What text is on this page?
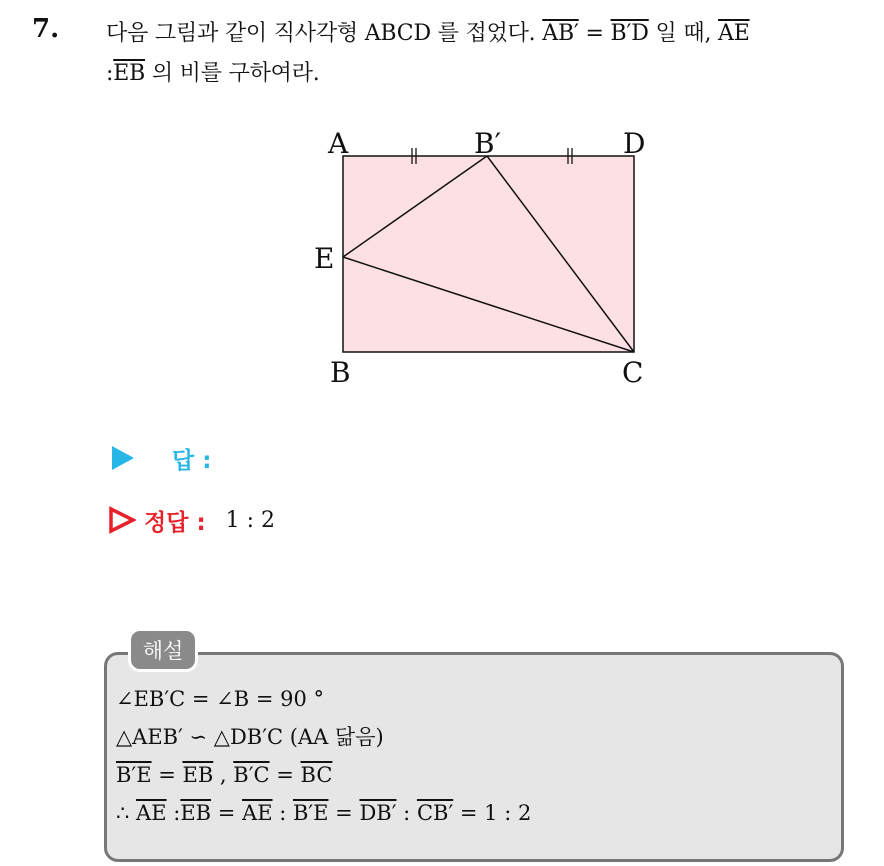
7. 다음 그림과 같이 직사각형 ABCD 를 접었다. AB′ = B′D 일 때, $\overline{AE}$
$:\overline{EB}$ 의 비를 구하여라.
A	B′	D
E
B	C
답 :
정답 : 1 : 2
해설
∠EB′C = ∠B = 90 °
△AEB′ ∽ △DB′C (AA 닮음)
$B'E = \overline{EB}$ , $B'C = \overline{BC}$
∴ $\overline{AE}$ $:\overline{EB} = \overline{AE}$ : B′E = DB′ : CB′ = 1 : 2
